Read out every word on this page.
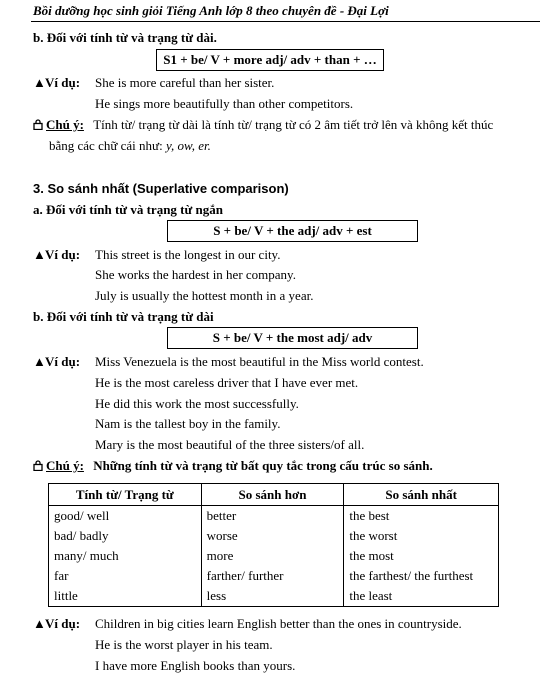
Bồi dưỡng học sinh giỏi Tiếng Anh lớp 8 theo chuyên đề - Đại Lợi
b. Đối với tính từ và trạng từ dài.
S1 + be/ V + more adj/ adv + than + …
▲Ví dụ: She is more careful than her sister.
He sings more beautifully than other competitors.
Chú ý: Tính từ/ trạng từ dài là tính từ/ trạng từ có 2 âm tiết trở lên và không kết thúc
bằng các chữ cái như: y, ow, er.
3. So sánh nhất (Superlative comparison)
a. Đối với tính từ và trạng từ ngắn
S + be/ V + the adj/ adv + est
▲Ví dụ: This street is the longest in our city.
She works the hardest in her company.
July is usually the hottest month in a year.
b. Đối với tính từ và trạng từ dài
S + be/ V + the most adj/ adv
▲Ví dụ: Miss Venezuela is the most beautiful in the Miss world contest.
He is the most careless driver that I have ever met.
He did this work the most successfully.
Nam is the tallest boy in the family.
Mary is the most beautiful of the three sisters/of all.
Chú ý: Những tính từ và trạng từ bất quy tắc trong cấu trúc so sánh.
Tính từ/ Trạng từ	So sánh hơn	So sánh nhất
good/ well	better	the best
bad/ badly	worse	the worst
many/ much	more	the most
far	farther/ further	the farthest/ the furthest
little	less	the least
▲Ví dụ: Children in big cities learn English better than the ones in countryside.
He is the worst player in his team.
I have more English books than yours.
